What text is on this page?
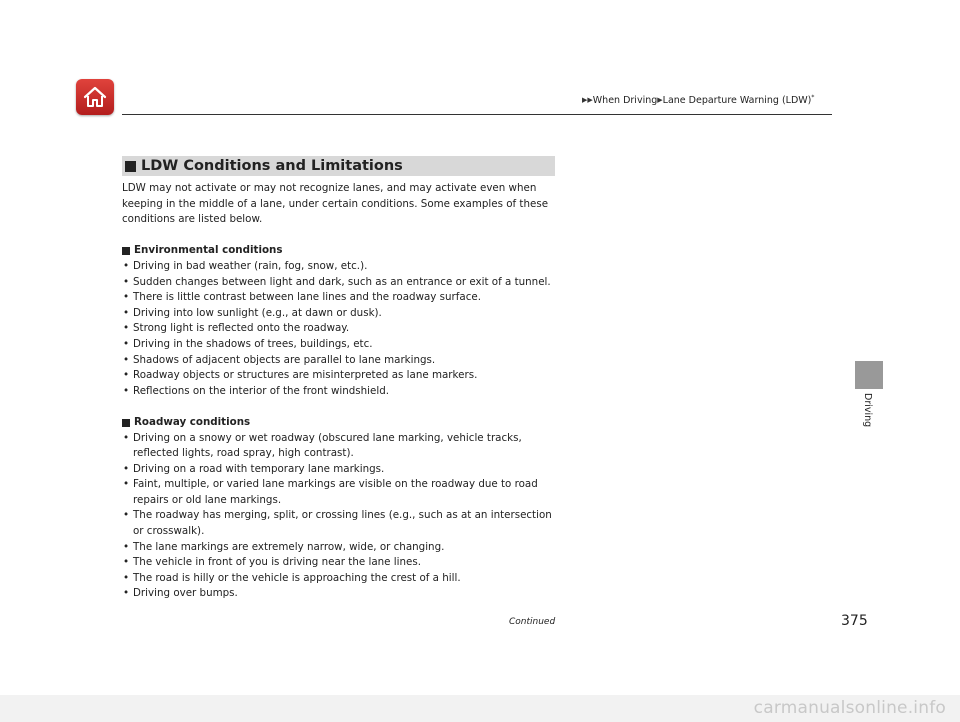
▶▶When Driving▶Lane Departure Warning (LDW)*
LDW Conditions and Limitations

LDW may not activate or may not recognize lanes, and may activate even when keeping in the middle of a lane, under certain conditions. Some examples of these conditions are listed below.

Environmental conditions
• Driving in bad weather (rain, fog, snow, etc.).
• Sudden changes between light and dark, such as an entrance or exit of a tunnel.
• There is little contrast between lane lines and the roadway surface.
• Driving into low sunlight (e.g., at dawn or dusk).
• Strong light is reflected onto the roadway.
• Driving in the shadows of trees, buildings, etc.
• Shadows of adjacent objects are parallel to lane markings.
• Roadway objects or structures are misinterpreted as lane markers.
• Reflections on the interior of the front windshield.
Roadway conditions
• Driving on a snowy or wet roadway (obscured lane marking, vehicle tracks, reflected lights, road spray, high contrast).
• Driving on a road with temporary lane markings.
• Faint, multiple, or varied lane markings are visible on the roadway due to road repairs or old lane markings.
• The roadway has merging, split, or crossing lines (e.g., such as at an intersection or crosswalk).
• The lane markings are extremely narrow, wide, or changing.
• The vehicle in front of you is driving near the lane lines.
• The road is hilly or the vehicle is approaching the crest of a hill.
• Driving over bumps.
Driving
Continued	375
carmanualsonline.info
